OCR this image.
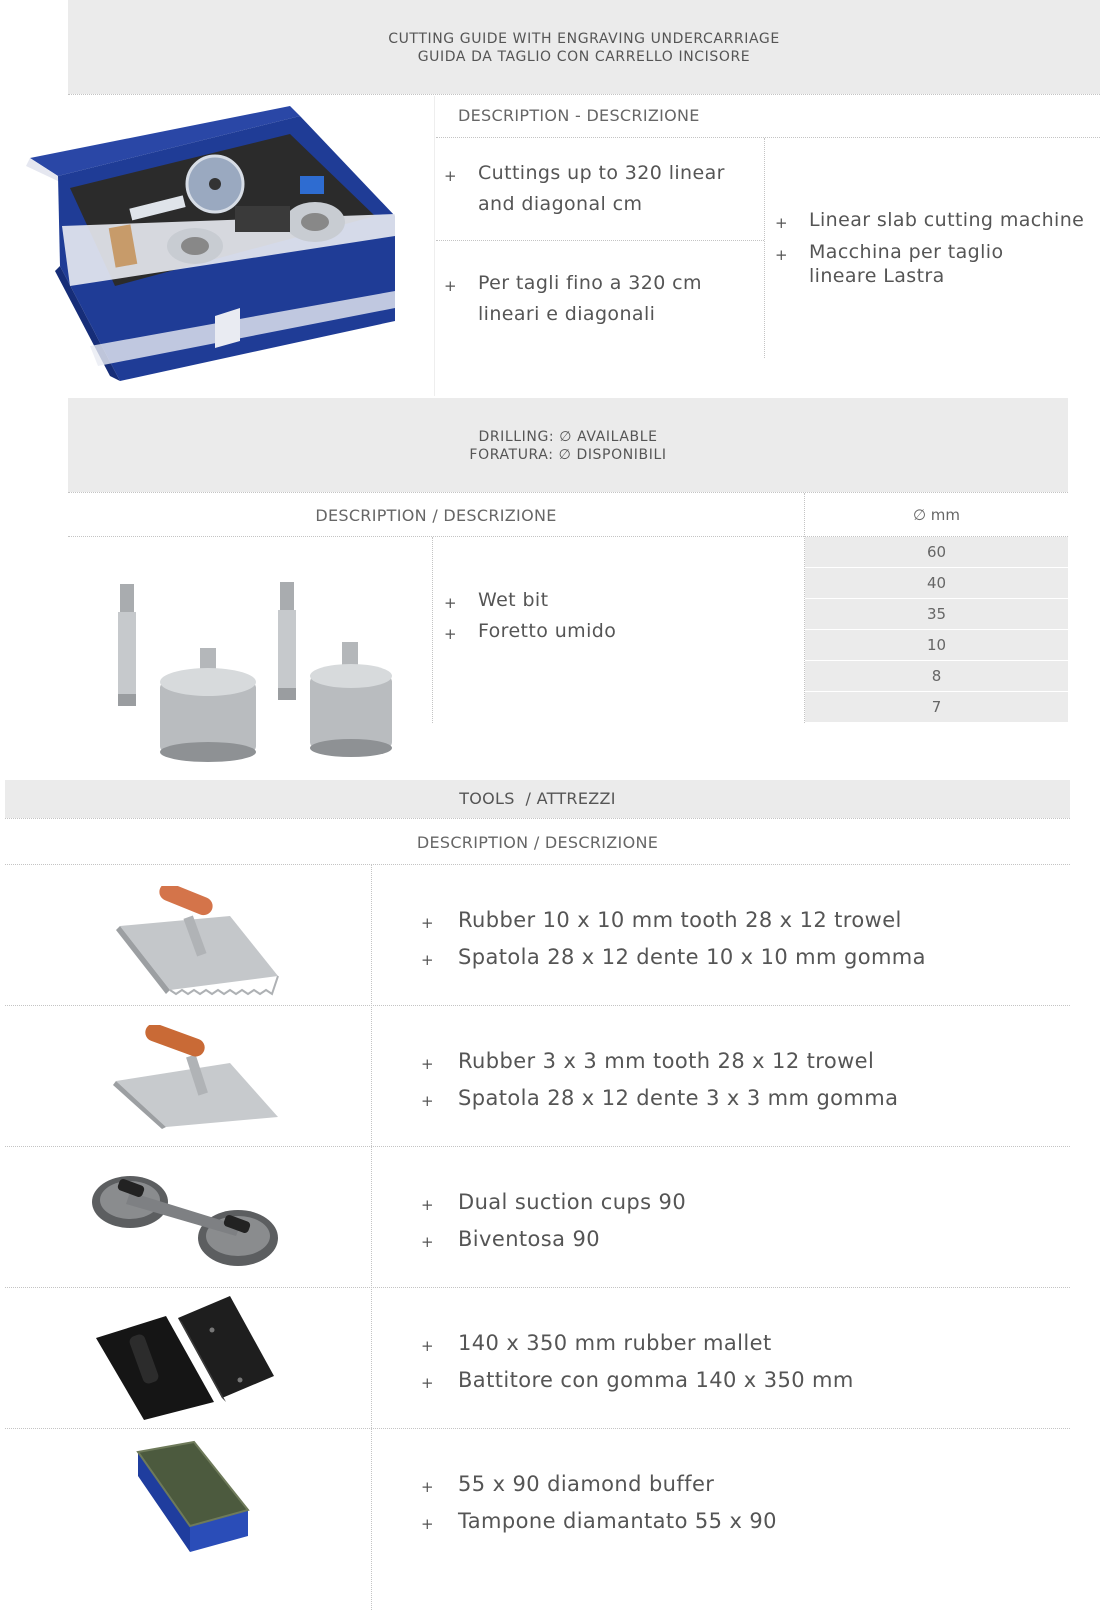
CUTTING GUIDE WITH ENGRAVING UNDERCARRIAGE
GUIDA DA TAGLIO CON CARRELLO INCISORE
DESCRIPTION - DESCRIZIONE
+	Cuttings up to 320 linear and diagonal cm
+	Per tagli fino a 320 cm lineari e diagonali
+	Linear slab cutting machine
+	Macchina per taglio lineare Lastra
DRILLING: ∅ AVAILABLE
FORATURA: ∅ DISPONIBILI
DESCRIPTION / DESCRIZIONE	∅ mm
+	Wet bit
+	Foretto umido
60
40
35
10
8
7
TOOLS  / ATTREZZI
DESCRIPTION / DESCRIZIONE
+	Rubber 10 x 10 mm tooth 28 x 12 trowel
+	Spatola 28 x 12 dente 10 x 10 mm gomma
+	Rubber 3 x 3 mm tooth 28 x 12 trowel
+	Spatola 28 x 12 dente 3 x 3 mm gomma
+	Dual suction cups 90
+	Biventosa 90
+	140 x 350 mm rubber mallet
+	Battitore con gomma 140 x 350 mm
+	55 x 90 diamond buffer
+	Tampone diamantato 55 x 90
